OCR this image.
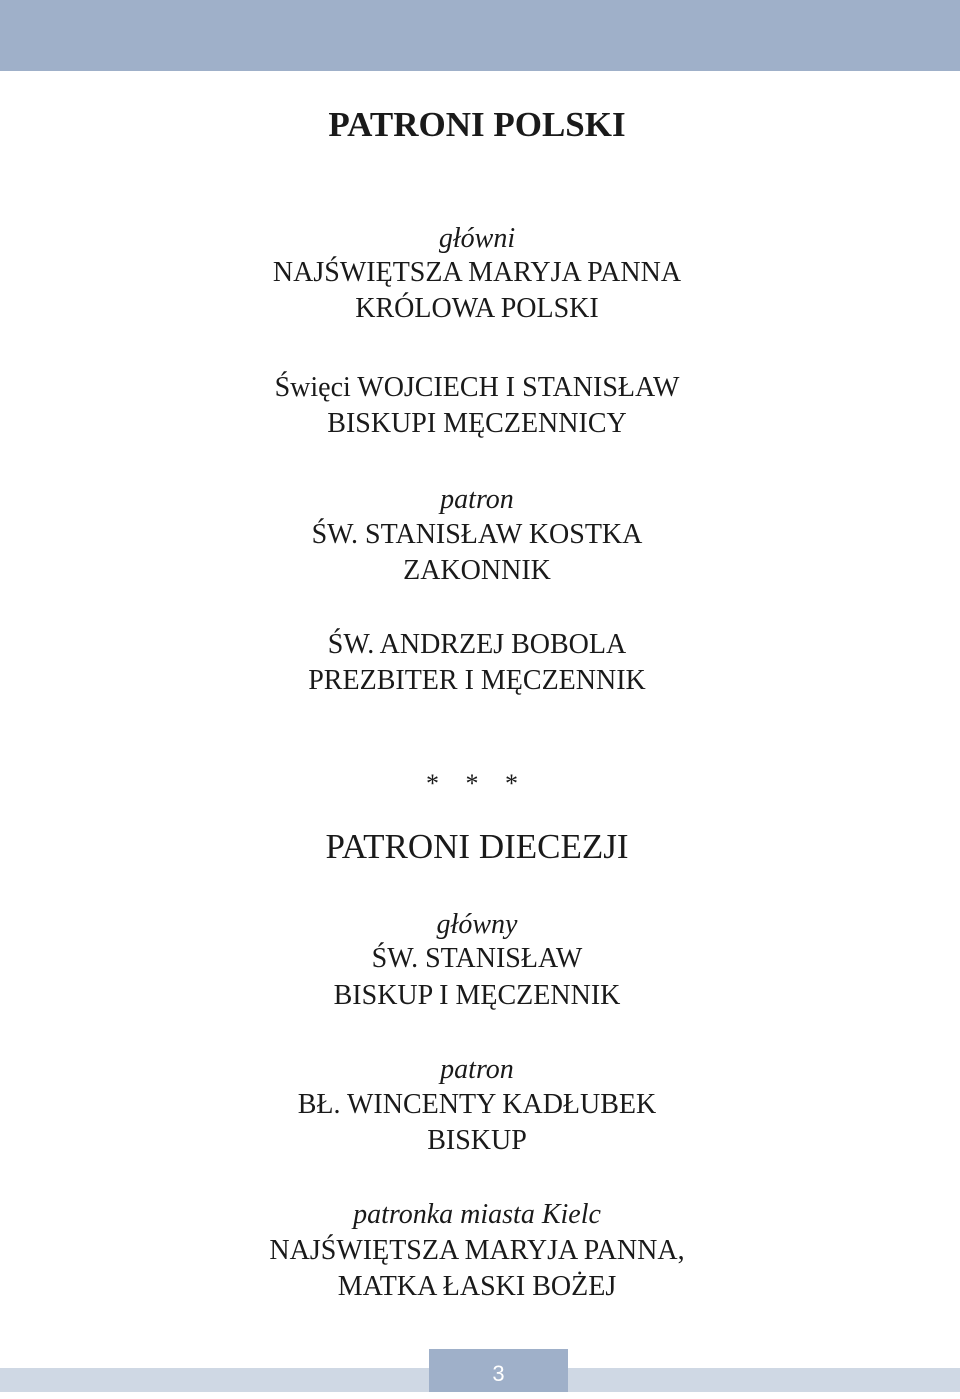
PATRONI POLSKI
główni
NAJŚWIĘTSZA MARYJA PANNA
KRÓLOWA POLSKI
Święci WOJCIECH I STANISŁAW
BISKUPI MĘCZENNICY
patron
ŚW. STANISŁAW KOSTKA
ZAKONNIK
ŚW. ANDRZEJ BOBOLA
PREZBITER I MĘCZENNIK
* * *
PATRONI DIECEZJI
główny
ŚW. STANISŁAW
BISKUP I MĘCZENNIK
patron
BŁ. WINCENTY KADŁUBEK
BISKUP
patronka miasta Kielc
NAJŚWIĘTSZA MARYJA PANNA,
MATKA ŁASKI BOŻEJ
3
